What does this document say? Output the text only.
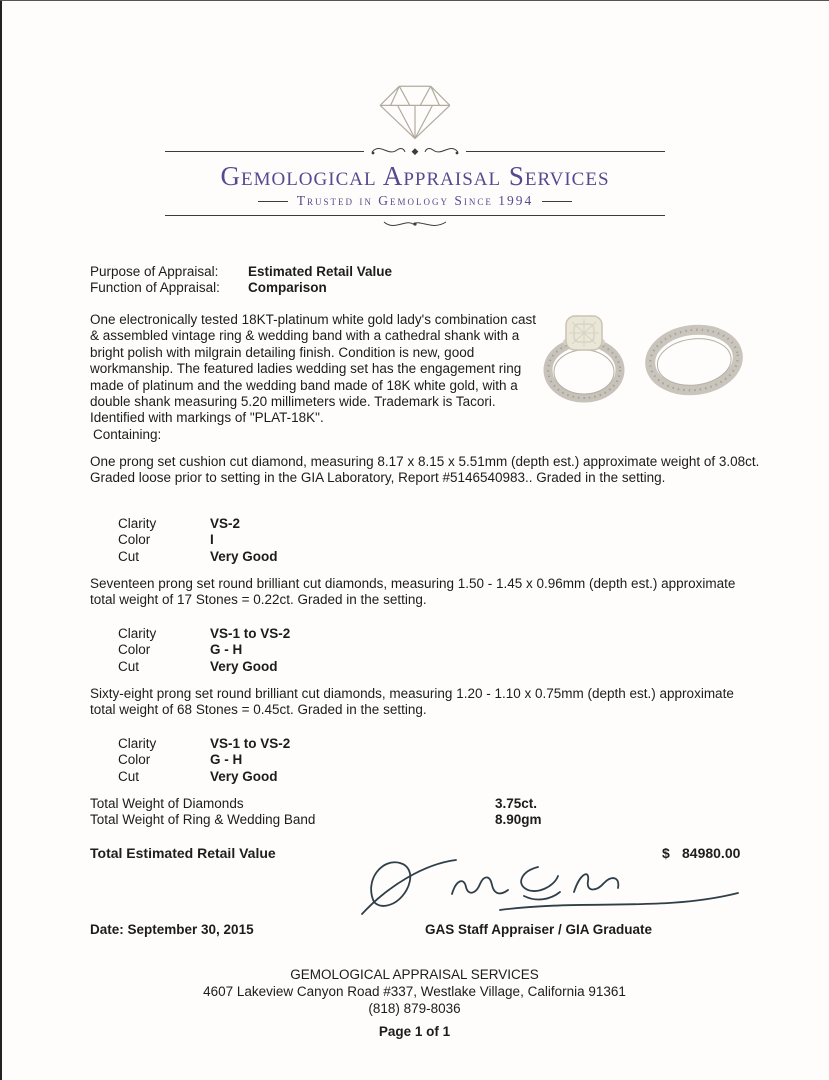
◆
Gemological Appraisal Services
Trusted in Gemology Since 1994
Purpose of Appraisal:	Estimated Retail Value
Function of Appraisal:	Comparison

One electronically tested 18KT-platinum white gold lady's combination cast & assembled vintage ring & wedding band with a cathedral shank with a bright polish with milgrain detailing finish. Condition is new, good workmanship. The featured ladies wedding set has the engagement ring made of platinum and the wedding band made of 18K white gold, with a double shank measuring 5.20 millimeters wide. Trademark is Tacori. Identified with markings of "PLAT-18K".

Containing:

One prong set cushion cut diamond, measuring 8.17 x 8.15 x 5.51mm (depth est.) approximate weight of 3.08ct. Graded loose prior to setting in the GIA Laboratory, Report #5146540983.. Graded in the setting.

Clarity	VS-2
Color	I
Cut	Very Good

Seventeen prong set round brilliant cut diamonds, measuring 1.50 - 1.45 x 0.96mm (depth est.) approximate total weight of 17 Stones = 0.22ct. Graded in the setting.

Clarity	VS-1 to VS-2
Color	G - H
Cut	Very Good

Sixty-eight prong set round brilliant cut diamonds, measuring 1.20 - 1.10 x 0.75mm (depth est.) approximate total weight of 68 Stones = 0.45ct. Graded in the setting.

Clarity	VS-1 to VS-2
Color	G - H
Cut	Very Good
Total Weight of Diamonds	3.75ct.
Total Weight of Ring & Wedding Band	8.90gm
Total Estimated Retail Value	$ 84980.00
Date: September 30, 2015	GAS Staff Appraiser / GIA Graduate
GEMOLOGICAL APPRAISAL SERVICES
4607 Lakeview Canyon Road #337, Westlake Village, California 91361
(818) 879-8036
Page 1 of 1
